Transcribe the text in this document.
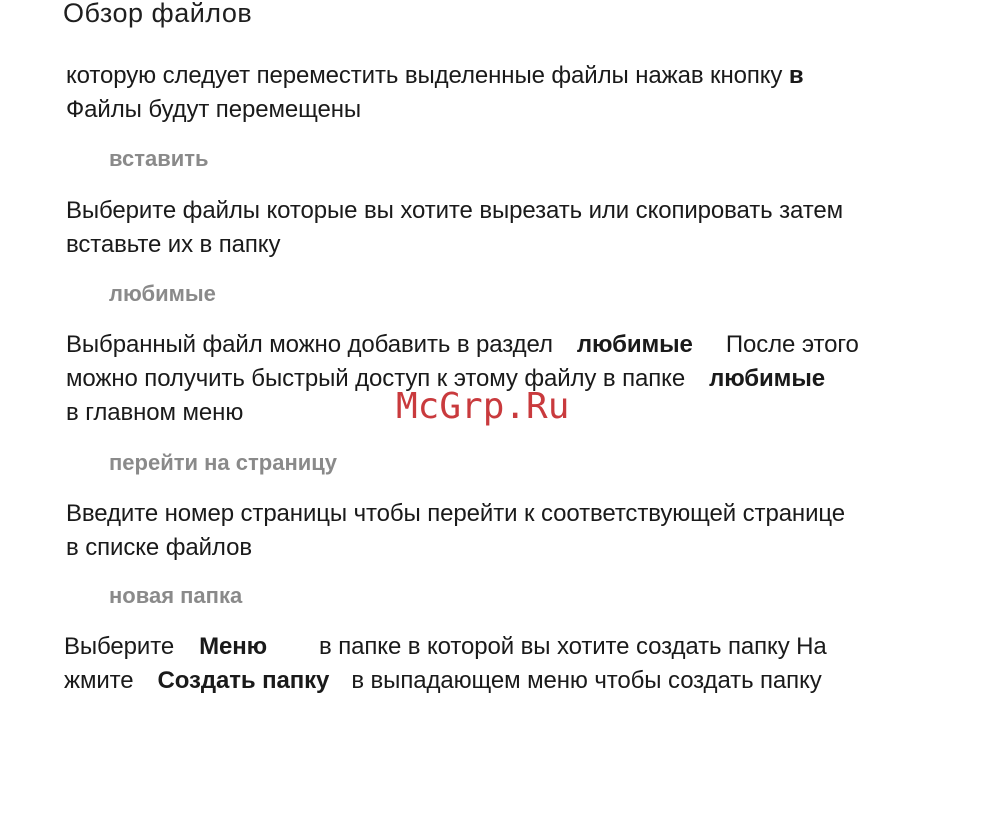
Обзор файлов
которую следует переместить выделенные файлы нажав кнопку в
Файлы будут перемещены
вставить
Выберите файлы которые вы хотите вырезать или скопировать затем
вставьте их в папку
любимые
Выбранный файл можно добавить в раздел любимые После этого
можно получить быстрый доступ к этому файлу в папке любимые
в главном меню
перейти на страницу
Введите номер страницы чтобы перейти к соответствующей странице
в списке файлов
новая папка
Выберите Меню в папке в которой вы хотите создать папку На
жмите Создать папку в выпадающем меню чтобы создать папку
McGrp.Ru
